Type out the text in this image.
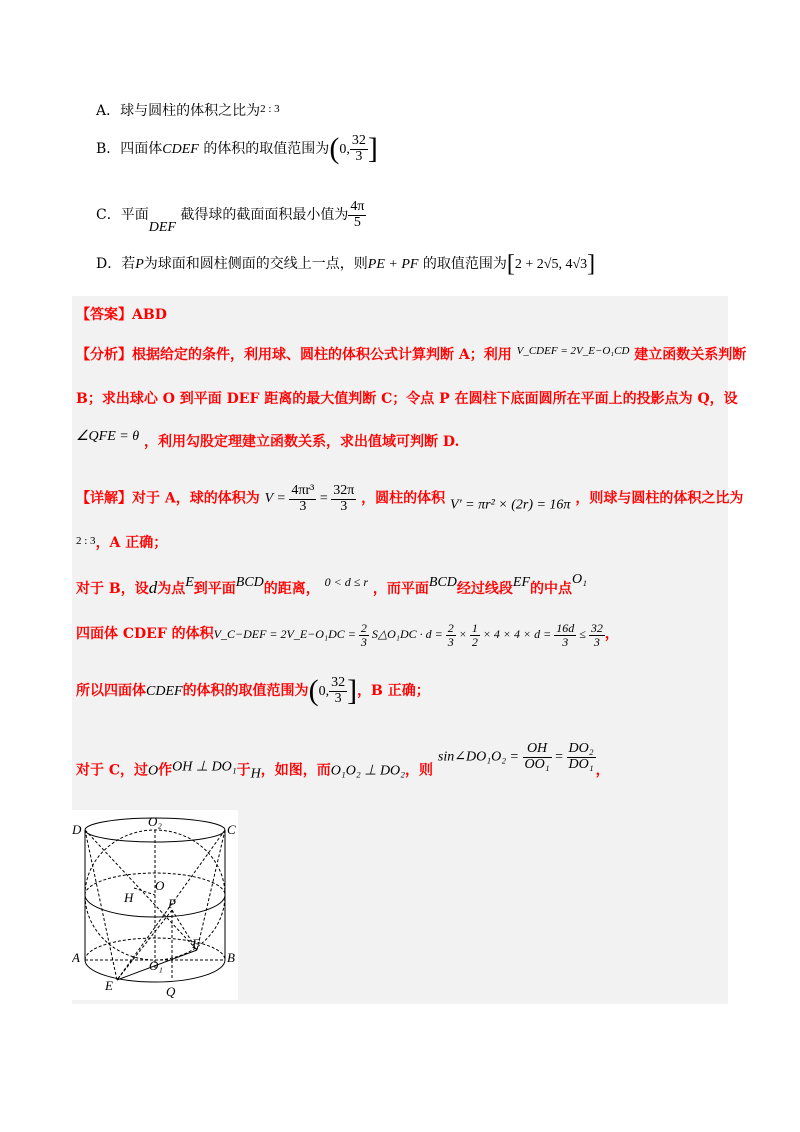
A．球与圆柱的体积之比为$^{2 : 3}$
B．四面体CDEF 的体积的取值范围为(0, $\frac{32}{3}$ ]
C．平面DEF 截得球的截面面积最小值为 $\frac{4\pi}{5}$
D．若P为球面和圆柱侧面的交线上一点，则PE + PF 的取值范围为[2 + 2√5, 4√3]
【答案】ABD
【分析】根据给定的条件，利用球、圆柱的体积公式计算判断 A；利用 $^{V\_CDEF = 2V\_E-O_1CD}$ 建立函数关系判断
B；求出球心 O 到平面 DEF 距离的最大值判断 C；令点 P 在圆柱下底面圆所在平面上的投影点为 Q，设
∠QFE = θ ，利用勾股定理建立函数关系，求出值域可判断 D.
【详解】对于 A，球的体积为 $V = \frac{\text{4πr³}}{3} = \frac{32\pi}{3}$ ，圆柱的体积 V′ = πr² × (2r) = 16π ，则球与圆柱的体积之比为
$^{2 : 3}$，A 正确；
对于 B，设d为点E到平面BCD的距离， 0 < d ≤ r ，而平面BCD经过线段EF的中点O₁
四面体 CDEF 的体积V_C−DEF = 2V_E−O₁DC = $\frac{2}{3}$ S△O₁DC · $d = \frac{2}{3} \times \frac{1}{2} \times 4 \times 4 \times d = \frac{16d}{3} \le \frac{32}{3}$ ，
所以四面体CDEF的体积的取值范围为(0, $\frac{32}{3}$ ]，B 正确；
对于 C，过O作OH ⊥ DO₁于H，如图，而O₁O₂ ⊥ DO₂，则 sin∠DO₁O₂ = $\frac{OH}{\text{OO₁}} = \frac{\text{DO₂}}{\text{DO₁}}$ ，
D
O₂
C
H
O
P
A
O₁
F
B
E	Q
